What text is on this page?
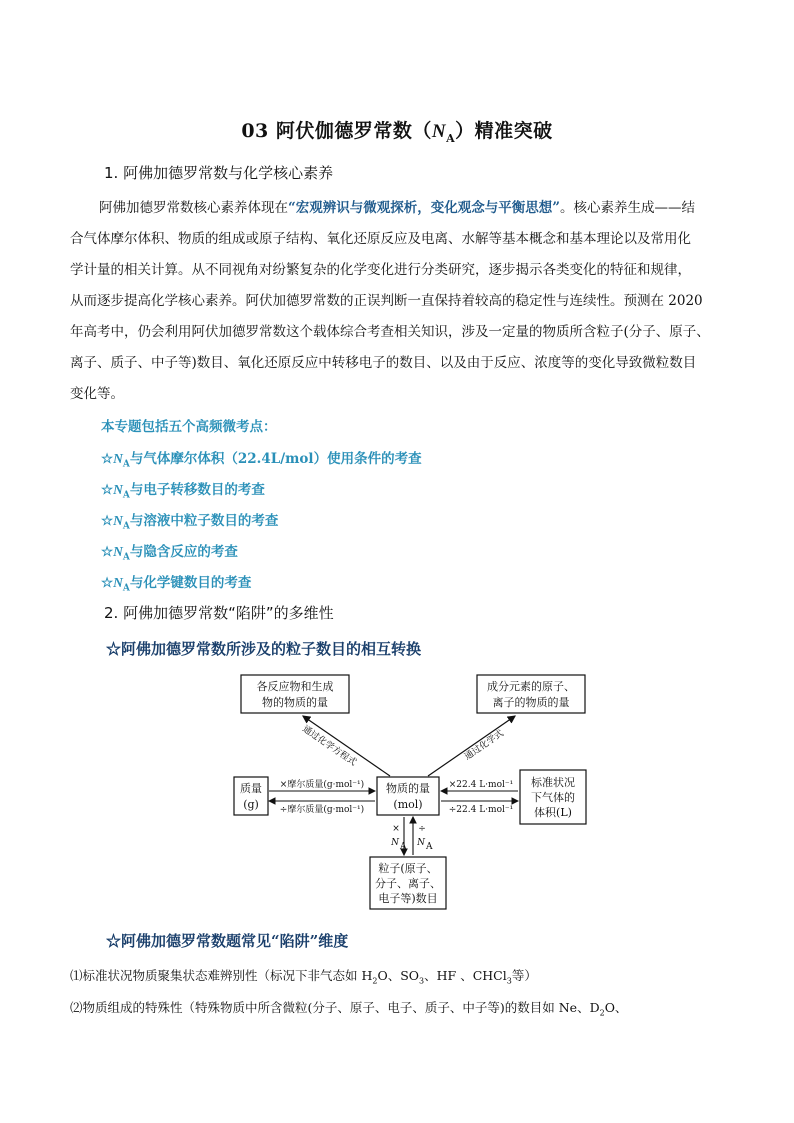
03 阿伏伽德罗常数$(N_A)$精准突破
1. 阿佛加德罗常数与化学核心素养
阿佛加德罗常数核心素养体现在“宏观辨识与微观探析，变化观念与平衡思想”。核心素养生成——结
合气体摩尔体积、物质的组成或原子结构、氧化还原反应及电离、水解等基本概念和基本理论以及常用化
学计量的相关计算。从不同视角对纷繁复杂的化学变化进行分类研究，逐步揭示各类变化的特征和规律，
从而逐步提高化学核心素养。阿伏加德罗常数的正误判断一直保持着较高的稳定性与连续性。预测在 2020
年高考中，仍会利用阿伏加德罗常数这个载体综合考查相关知识，涉及一定量的物质所含粒子(分子、原子、
离子、质子、中子等)数目、氧化还原反应中转移电子的数目、以及由于反应、浓度等的变化导致微粒数目
变化等。
本专题包括五个高频微考点：
$☆N_A$与气体摩尔体积（22.4L/mol）使用条件的考查
$☆N_A$与电子转移数目的考查
$☆N_A$与溶液中粒子数目的考查
$☆N_A$与隐含反应的考查
$☆N_A$与化学键数目的考查
2. 阿佛加德罗常数“陷阱”的多维性
☆阿佛加德罗常数所涉及的粒子数目的相互转换
各反应物和生成
物的物质的量
成分元素的原子、
离子的物质的量
质量
(g)
物质的量
(mol)
标准状况
下气体的
体积(L)
粒子(原子、
分子、离子、
电子等)数目
通过化学方程式	通过化学式
×摩尔质量(g·mol⁻¹)
÷摩尔质量(g·mol⁻¹)
×22.4 L·mol⁻¹
÷22.4 L·mol⁻¹
×
N A
÷
N A
☆阿佛加德罗常数题常见“陷阱”维度
⑴标准状况物质聚集状态难辨别性（标况下非气态如 $H_2O$、$SO_3$、HF 、CHCl$_3$等）
⑵物质组成的特殊性（特殊物质中所含微粒(分子、原子、电子、质子、中子等)的数目如 Ne、$D_2O$、
